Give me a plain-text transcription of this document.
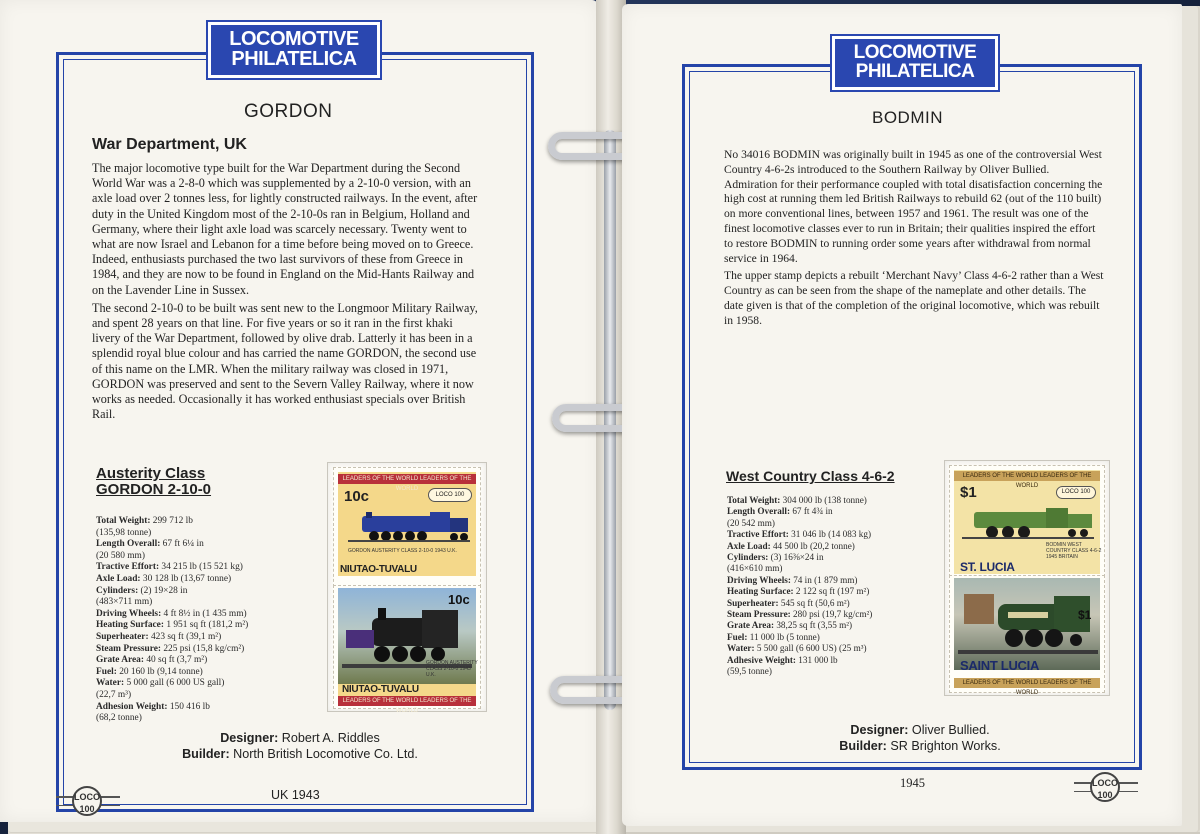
LOCOMOTIVE
PHILATELICA
GORDON
War Department, UK

The major locomotive type built for the War Department during the Second World War was a 2-8-0 which was supplemented by a 2-10-0 version, with an axle load over 2 tonnes less, for lightly constructed railways. In the event, after duty in the United Kingdom most of the 2-10-0s ran in Belgium, Holland and Germany, where their light axle load was scarcely necessary. Twenty went to what are now Israel and Lebanon for a time before being moved on to Greece. Indeed, enthusiasts purchased the two last survivors of these from Greece in 1984, and they are now to be found in England on the Mid-Hants Railway and on the Lavender Line in Sussex.

The second 2-10-0 to be built was sent new to the Longmoor Military Railway, and spent 28 years on that line. For five years or so it ran in the first khaki livery of the War Department, followed by olive drab. Latterly it has been in a splendid royal blue colour and has carried the name GORDON, the second use of this name on the LMR. When the military railway was closed in 1971, GORDON was preserved and sent to the Severn Valley Railway, where it now works as needed. Occasionally it has worked enthusiast specials over British Rail.

Austerity Class
GORDON 2-10-0
Total Weight: 299 712 lb
(135,98 tonne)
Length Overall: 67 ft 6¼ in
(20 580 mm)
Tractive Effort: 34 215 lb (15 521 kg)
Axle Load: 30 128 lb (13,67 tonne)
Cylinders: (2) 19×28 in
(483×711 mm)
Driving Wheels: 4 ft 8½ in (1 435 mm)
Heating Surface: 1 951 sq ft (181,2 m²)
Superheater: 423 sq ft (39,1 m²)
Steam Pressure: 225 psi (15,8 kg/cm²)
Grate Area: 40 sq ft (3,7 m²)
Fuel: 20 160 lb (9,14 tonne)
Water: 5 000 gall (6 000 US gall)
(22,7 m³)
Adhesion Weight: 150 416 lb
(68,2 tonne)
LEADERS OF THE WORLD LEADERS OF THE WORLD
10c	LOCO 100
GORDON AUSTERITY CLASS 2-10-0 1943 U.K.
NIUTAO-TUVALU
10c
GORDON AUSTERITY CLASS 2-10-0 1943 U.K.
NIUTAO-TUVALU
LEADERS OF THE WORLD LEADERS OF THE WORLD
Designer: Robert A. Riddles
Builder: North British Locomotive Co. Ltd.
UK 1943
LOCO 100
LOCOMOTIVE
PHILATELICA
BODMIN

No 34016 BODMIN was originally built in 1945 as one of the controversial West Country 4-6-2s introduced to the Southern Railway by Oliver Bullied. Admiration for their performance coupled with total disatisfaction concerning the high cost at running them led British Railways to rebuild 62 (out of the 110 built) on more conventional lines, between 1957 and 1961. The result was one of the finest locomotive classes ever to run in Britain; their qualities inspired the effort to restore BODMIN to running order some years after withdrawal from normal service in 1964.

The upper stamp depicts a rebuilt ‘Merchant Navy’ Class 4-6-2 rather than a West Country as can be seen from the shape of the nameplate and other details. The date given is that of the completion of the original locomotive, which was rebuilt in 1958.

West Country Class 4-6-2
Total Weight: 304 000 lb (138 tonne)
Length Overall: 67 ft 4¾ in
(20 542 mm)
Tractive Effort: 31 046 lb (14 083 kg)
Axle Load: 44 500 lb (20,2 tonne)
Cylinders: (3) 16⅜×24 in
(416×610 mm)
Driving Wheels: 74 in (1 879 mm)
Heating Surface: 2 122 sq ft (197 m²)
Superheater: 545 sq ft (50,6 m²)
Steam Pressure: 280 psi (19,7 kg/cm²)
Grate Area: 38,25 sq ft (3,55 m²)
Fuel: 11 000 lb (5 tonne)
Water: 5 500 gall (6 600 US) (25 m³)
Adhesive Weight: 131 000 lb
(59,5 tonne)
LEADERS OF THE WORLD LEADERS OF THE WORLD
$1	LOCO 100
ST. LUCIA
BODMIN WEST COUNTRY CLASS 4-6-2 1945 BRITAIN
$1
SAINT LUCIA
LEADERS OF THE WORLD LEADERS OF THE WORLD
Designer: Oliver Bullied.
Builder: SR Brighton Works.
1945	LOCO 100
